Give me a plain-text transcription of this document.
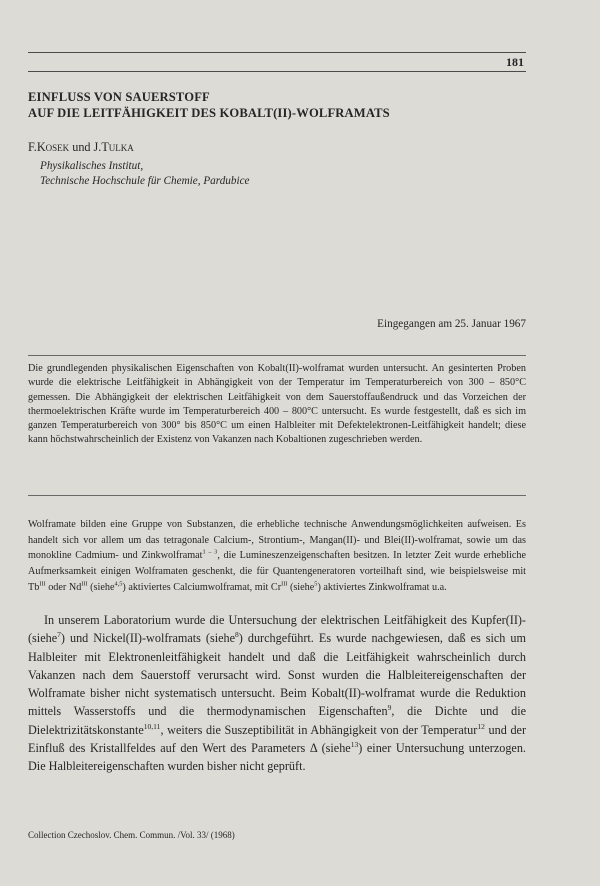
181
EINFLUSS VON SAUERSTOFF
AUF DIE LEITFÄHIGKEIT DES KOBALT(II)-WOLFRAMATS
F.Kosek und J.Tulka
Physikalisches Institut,
Technische Hochschule für Chemie, Pardubice
Eingegangen am 25. Januar 1967
Die grundlegenden physikalischen Eigenschaften von Kobalt(II)-wolframat wurden untersucht. An gesinterten Proben wurde die elektrische Leitfähigkeit in Abhängigkeit von der Temperatur im Temperaturbereich von 300 – 850°C gemessen. Die Abhängigkeit der elektrischen Leitfähigkeit von dem Sauerstoffaußendruck und das Vorzeichen der thermoelektrischen Kräfte wurde im Temperaturbereich 400 – 800°C untersucht. Es wurde festgestellt, daß es sich im ganzen Temperaturbereich von 300° bis 850°C um einen Halbleiter mit Defektelektronen-Leitfähigkeit handelt; diese kann höchstwahrscheinlich der Existenz von Vakanzen nach Kobaltionen zugeschrieben werden.
Wolframate bilden eine Gruppe von Substanzen, die erhebliche technische Anwendungsmöglichkeiten aufweisen. Es handelt sich vor allem um das tetragonale Calcium-, Strontium-, Mangan(II)- und Blei(II)-wolframat, sowie um das monokline Cadmium- und Zinkwolframat$^{1 - 3}$, die Lumineszenzeigenschaften besitzen. In letzter Zeit wurde erhebliche Aufmerksamkeit einigen Wolframaten geschenkt, die für Quantengeneratoren vorteilhaft sind, wie beispielsweise mit $Tb^{III}$ oder $Nd^{III}$ (siehe$^{4,5}$) aktiviertes Calciumwolframat, mit $Cr^{III}$ (siehe$^5$) aktiviertes Zinkwolframat u.a.
In unserem Laboratorium wurde die Untersuchung der elektrischen Leitfähigkeit des Kupfer(II)- (siehe$^7$) und Nickel(II)-wolframats (siehe$^8$) durchgeführt. Es wurde nachgewiesen, daß es sich um Halbleiter mit Elektronenleitfähigkeit handelt und daß die Leitfähigkeit wahrscheinlich durch Vakanzen nach dem Sauerstoff verursacht wird. Sonst wurden die Halbleitereigenschaften der Wolframate bisher nicht systematisch untersucht. Beim Kobalt(II)-wolframat wurde die Reduktion mittels Wasserstoffs und die thermodynamischen Eigenschaften$^9$, die Dichte und die Dielektrizitätskonstante$^{10,11}$, weiters die Suszeptibilität in Abhängigkeit von der Temperatur$^{12}$ und der Einfluß des Kristallfeldes auf den Wert des Parameters Δ (siehe$^{13}$) einer Untersuchung unterzogen. Die Halbleitereigenschaften wurden bisher nicht geprüft.
Collection Czechoslov. Chem. Commun. /Vol. 33/ (1968)
